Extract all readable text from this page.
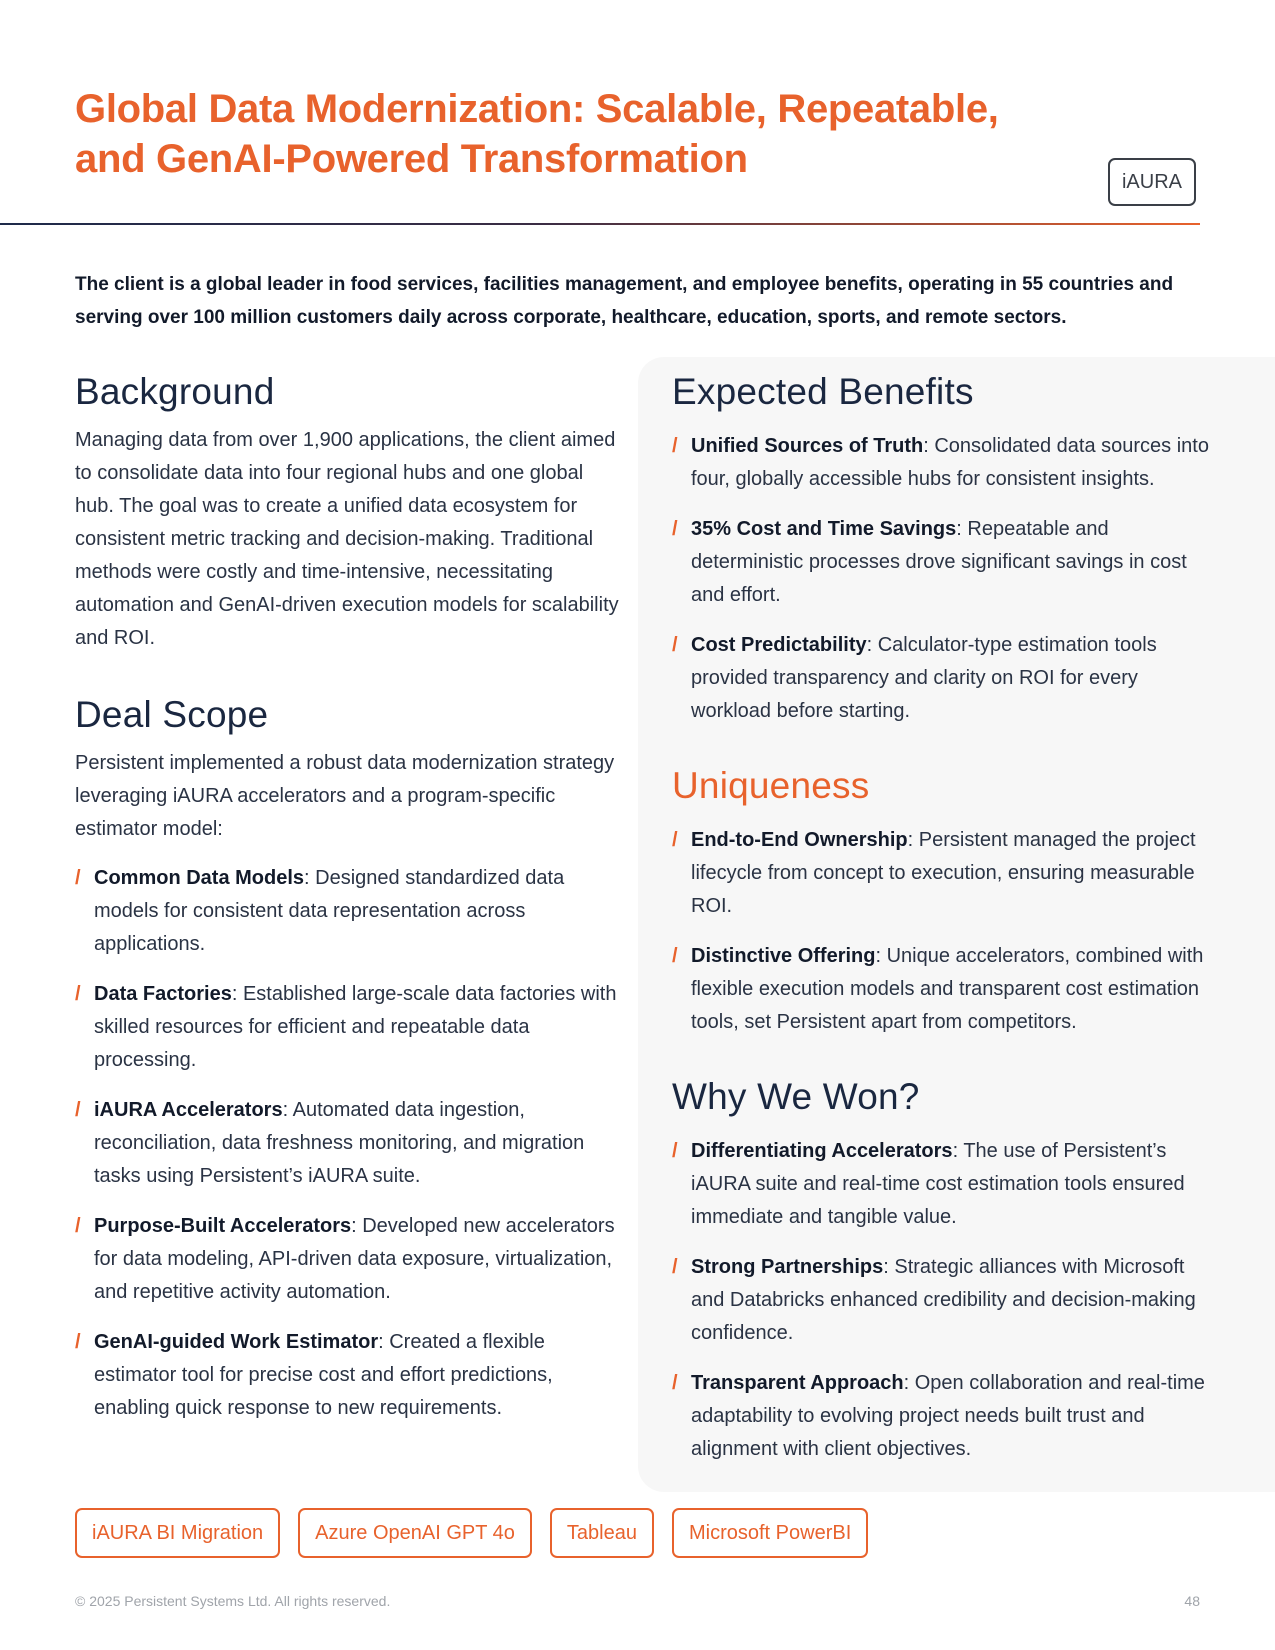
Global Data Modernization: Scalable, Repeatable,
and GenAI-Powered Transformation
iAURA

The client is a global leader in food services, facilities management, and employee benefits, operating in 55 countries and serving over 100 million customers daily across corporate, healthcare, education, sports, and remote sectors.

Background

Managing data from over 1,900 applications, the client aimed to consolidate data into four regional hubs and one global hub. The goal was to create a unified data ecosystem for consistent metric tracking and decision-making. Traditional methods were costly and time-intensive, necessitating automation and GenAI-driven execution models for scalability and ROI.

Deal Scope

Persistent implemented a robust data modernization strategy leveraging iAURA accelerators and a program-specific estimator model:

/ Common Data Models: Designed standardized data models for consistent data representation across applications.
/ Data Factories: Established large-scale data factories with skilled resources for efficient and repeatable data processing.
/ iAURA Accelerators: Automated data ingestion, reconciliation, data freshness monitoring, and migration tasks using Persistent’s iAURA suite.
/ Purpose-Built Accelerators: Developed new accelerators for data modeling, API-driven data exposure, virtualization, and repetitive activity automation.
/ GenAI-guided Work Estimator: Created a flexible estimator tool for precise cost and effort predictions, enabling quick response to new requirements.
Expected Benefits
/ Unified Sources of Truth: Consolidated data sources into four, globally accessible hubs for consistent insights.
/ 35% Cost and Time Savings: Repeatable and deterministic processes drove significant savings in cost and effort.
/ Cost Predictability: Calculator-type estimation tools provided transparency and clarity on ROI for every workload before starting.
Uniqueness
/ End-to-End Ownership: Persistent managed the project lifecycle from concept to execution, ensuring measurable ROI.
/ Distinctive Offering: Unique accelerators, combined with flexible execution models and transparent cost estimation tools, set Persistent apart from competitors.
Why We Won?
/ Differentiating Accelerators: The use of Persistent’s iAURA suite and real-time cost estimation tools ensured immediate and tangible value.
/ Strong Partnerships: Strategic alliances with Microsoft and Databricks enhanced credibility and decision-making confidence.
/ Transparent Approach: Open collaboration and real-time adaptability to evolving project needs built trust and alignment with client objectives.
iAURA BI Migration	Azure OpenAI GPT 4o	Tableau	Microsoft PowerBI
© 2025 Persistent Systems Ltd. All rights reserved.	48
